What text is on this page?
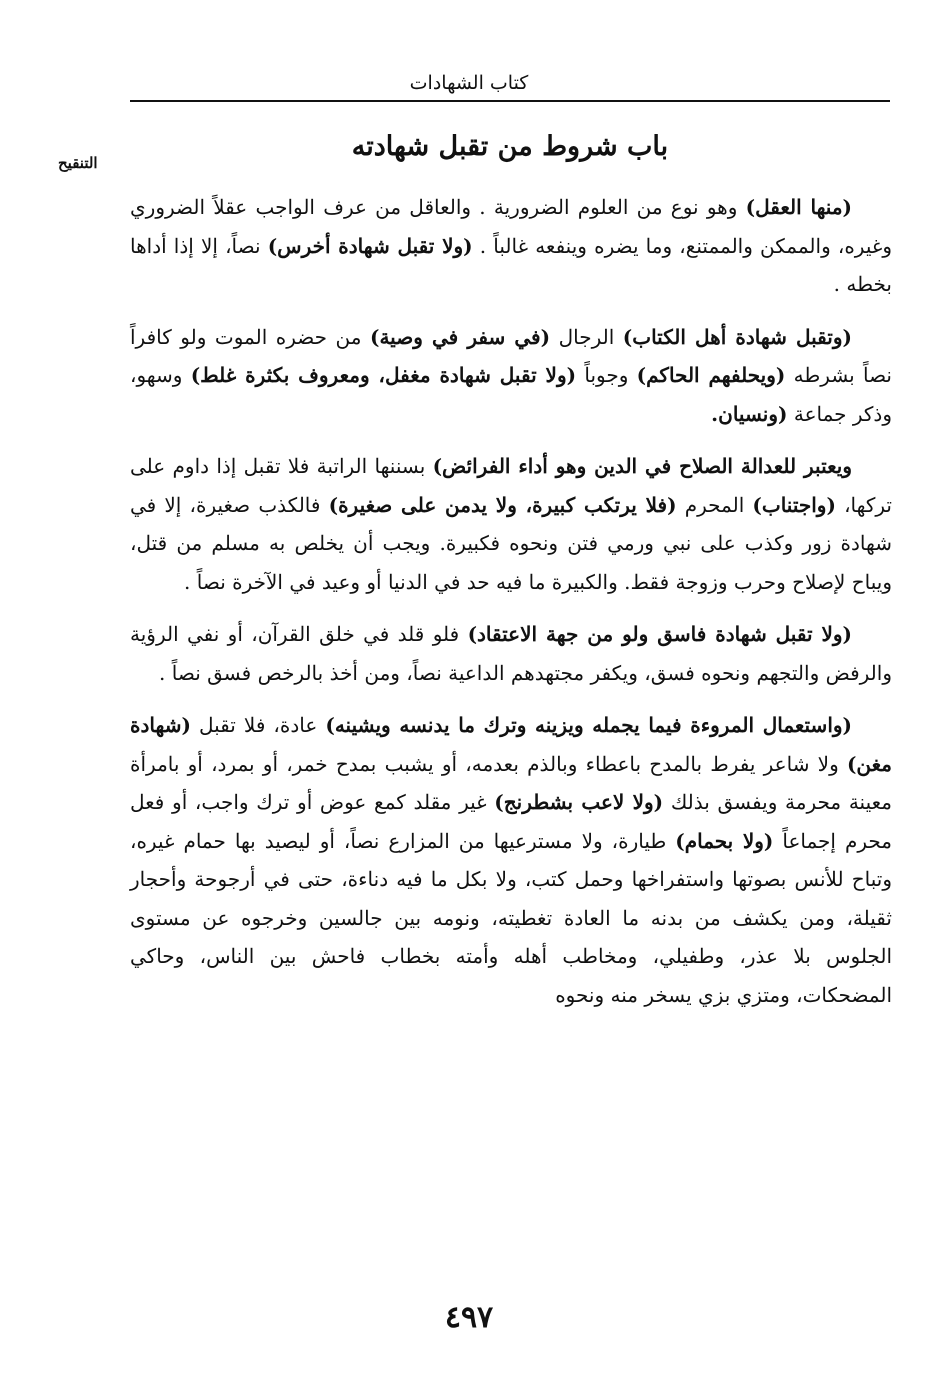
كتاب الشهادات
التنقيح
باب شروط من تقبل شهادته

(منها العقل) وهو نوع من العلوم الضرورية . والعاقل من عرف الواجب عقلاً الضروري وغيره، والممكن والممتنع، وما يضره وينفعه غالباً . (ولا تقبل شهادة أخرس) نصاً، إلا إذا أداها بخطه .

(وتقبل شهادة أهل الكتاب) الرجال (في سفر في وصية) من حضره الموت ولو كافراً نصاً بشرطه (ويحلفهم الحاكم) وجوباً (ولا تقبل شهادة مغفل، ومعروف بكثرة غلط) وسهو، وذكر جماعة (ونسيان.

ويعتبر للعدالة الصلاح في الدين وهو أداء الفرائض) بسننها الراتبة فلا تقبل إذا داوم على تركها، (واجتناب) المحرم (فلا يرتكب كبيرة، ولا يدمن على صغيرة) فالكذب صغيرة، إلا في شهادة زور وكذب على نبي ورمي فتن ونحوه فكبيرة. ويجب أن يخلص به مسلم من قتل، ويباح لإصلاح وحرب وزوجة فقط. والكبيرة ما فيه حد في الدنيا أو وعيد في الآخرة نصاً .

(ولا تقبل شهادة فاسق ولو من جهة الاعتقاد) فلو قلد في خلق القرآن، أو نفي الرؤية والرفض والتجهم ونحوه فسق، ويكفر مجتهدهم الداعية نصاً، ومن أخذ بالرخص فسق نصاً .

(واستعمال المروءة فيما يجمله ويزينه وترك ما يدنسه ويشينه) عادة، فلا تقبل (شهادة مغن) ولا شاعر يفرط بالمدح باعطاء وبالذم بعدمه، أو يشبب بمدح خمر، أو بمرد، أو بامرأة معينة محرمة ويفسق بذلك (ولا لاعب بشطرنج) غير مقلد كمع عوض أو ترك واجب، أو فعل محرم إجماعاً (ولا بحمام) طيارة، ولا مسترعيها من المزارع نصاً، أو ليصيد بها حمام غيره، وتباح للأنس بصوتها واستفراخها وحمل كتب، ولا بكل ما فيه دناءة، حتى في أرجوحة وأحجار ثقيلة، ومن يكشف من بدنه ما العادة تغطيته، ونومه بين جالسين وخرجوه عن مستوى الجلوس بلا عذر، وطفيلي، ومخاطب أهله وأمته بخطاب فاحش بين الناس، وحاكي المضحكات، ومتزي بزي يسخر منه ونحوه

٤٩٧
